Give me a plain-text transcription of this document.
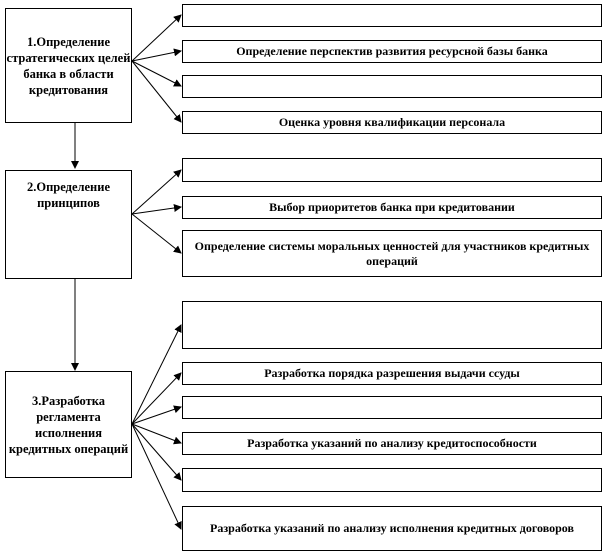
1.Определение стратегических целей банка в области кредитования
2.Определение принципов
3.Разработка регламента исполнения кредитных операций
Определение перспектив развития ресурсной базы банка
Оценка уровня квалификации персонала
Выбор приоритетов банка при кредитовании
Определение системы моральных ценностей для участников кредитных операций
Разработка порядка разрешения выдачи ссуды
Разработка указаний по анализу кредитоспособности
Разработка указаний по анализу исполнения кредитных договоров
